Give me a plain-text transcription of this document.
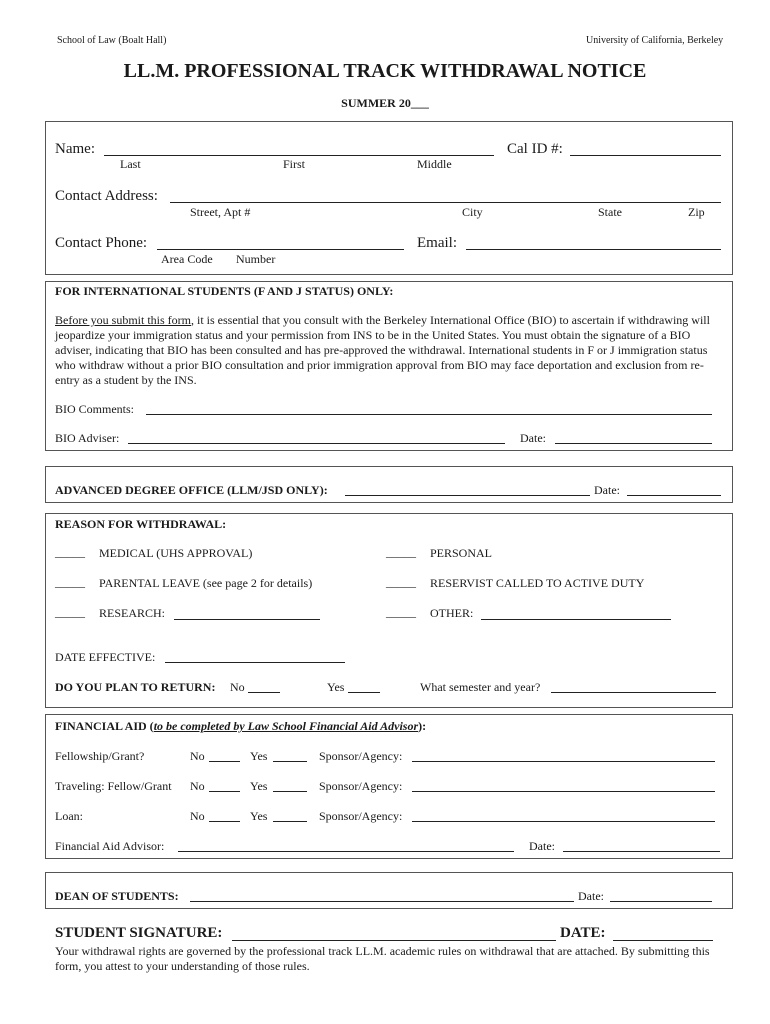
School of Law (Boalt Hall)	University of California, Berkeley
LL.M. PROFESSIONAL TRACK WITHDRAWAL NOTICE
SUMMER 20___
Name:
Last	First	Middle
Cal ID #:
Contact Address:
Street, Apt #	City	State	Zip
Contact Phone:
Area Code Number
Email:
FOR INTERNATIONAL STUDENTS (F AND J STATUS) ONLY:
Before you submit this form, it is essential that you consult with the Berkeley International Office (BIO) to ascertain if withdrawing will jeopardize your immigration status and your permission from INS to be in the United States. You must obtain the signature of a BIO adviser, indicating that BIO has been consulted and has pre-approved the withdrawal. International students in F or J immigration status who withdraw without a prior BIO consultation and prior immigration approval from BIO may face deportation and exclusion from re-entry as a student by the INS.
BIO Comments:
BIO Adviser:	Date:
ADVANCED DEGREE OFFICE (LLM/JSD ONLY):	Date:
REASON FOR WITHDRAWAL:
_____ MEDICAL (UHS APPROVAL)	_____ PERSONAL
_____ PARENTAL LEAVE (see page 2 for details)	_____ RESERVIST CALLED TO ACTIVE DUTY
_____ RESEARCH:	_____ OTHER:
DATE EFFECTIVE:
DO YOU PLAN TO RETURN: No	Yes	What semester and year?
FINANCIAL AID (to be completed by Law School Financial Aid Advisor):
Fellowship/Grant?	No	Yes	Sponsor/Agency:
Traveling: Fellow/Grant No	Yes	Sponsor/Agency:
Loan:	No	Yes	Sponsor/Agency:
Financial Aid Advisor:	Date:
DEAN OF STUDENTS:	Date:
STUDENT SIGNATURE:	DATE:
Your withdrawal rights are governed by the professional track LL.M. academic rules on withdrawal that are attached. By submitting this form, you attest to your understanding of those rules.
